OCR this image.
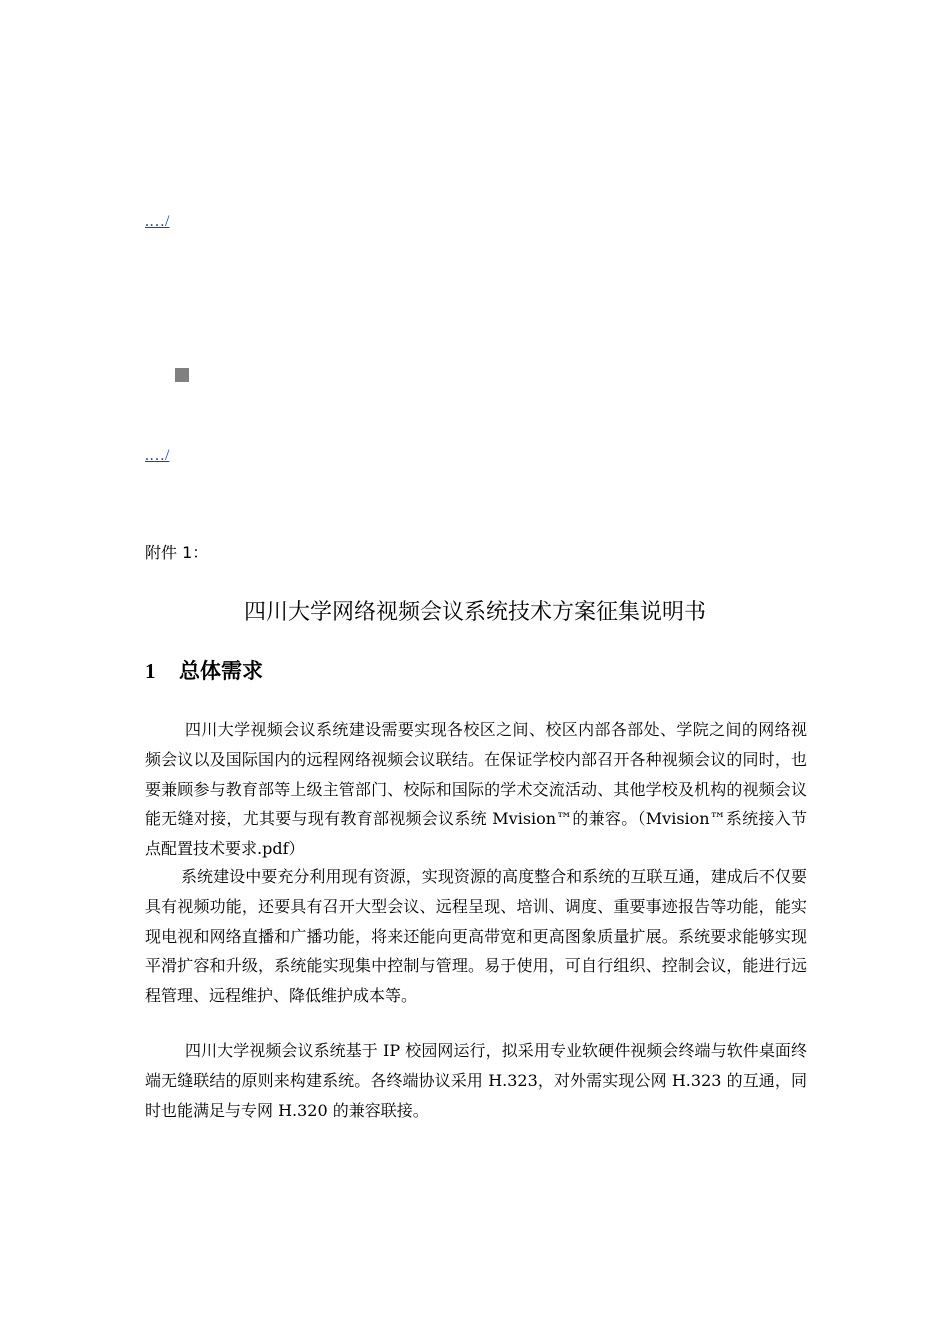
.…/
.…/
附件 1：
四川大学网络视频会议系统技术方案征集说明书
1 总体需求

四川大学视频会议系统建设需要实现各校区之间、校区内部各部处、学院之间的网络视频会议以及国际国内的远程网络视频会议联结。在保证学校内部召开各种视频会议的同时，也要兼顾参与教育部等上级主管部门、校际和国际的学术交流活动、其他学校及机构的视频会议能无缝对接，尤其要与现有教育部视频会议系统 Mvision™的兼容。（Mvision™系统接入节点配置技术要求.pdf）

系统建设中要充分利用现有资源，实现资源的高度整合和系统的互联互通，建成后不仅要具有视频功能，还要具有召开大型会议、远程呈现、培训、调度、重要事迹报告等功能，能实现电视和网络直播和广播功能，将来还能向更高带宽和更高图象质量扩展。系统要求能够实现平滑扩容和升级，系统能实现集中控制与管理。易于使用，可自行组织、控制会议，能进行远程管理、远程维护、降低维护成本等。

四川大学视频会议系统基于 IP 校园网运行，拟采用专业软硬件视频会终端与软件桌面终端无缝联结的原则来构建系统。各终端协议采用 H.323，对外需实现公网 H.323 的互通，同时也能满足与专网 H.320 的兼容联接。
